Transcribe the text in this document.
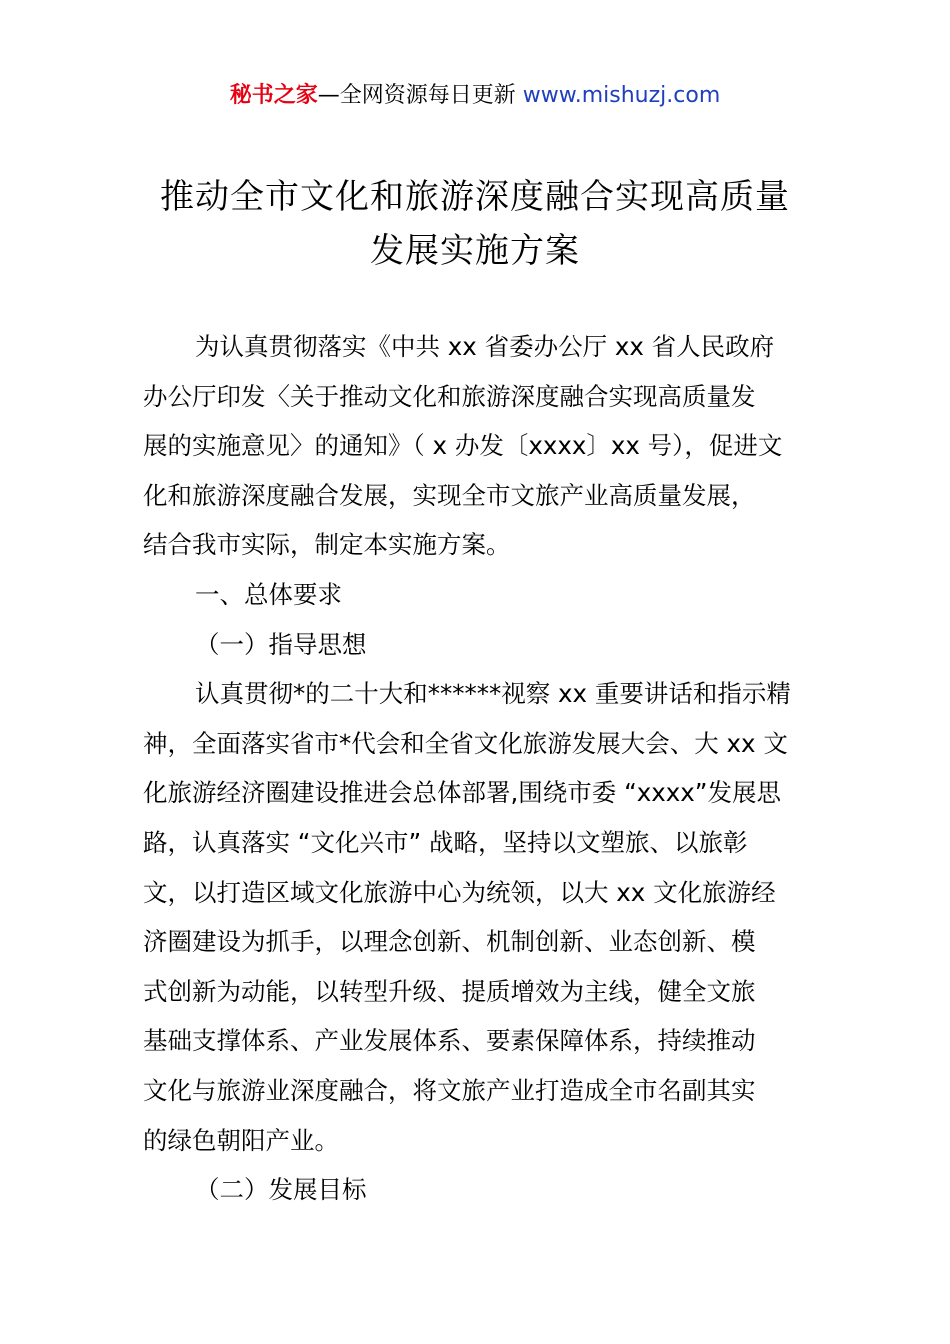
秘书之家—全网资源每日更新 www.mishuzj.com
推动全市文化和旅游深度融合实现高质量
发展实施方案
为认真贯彻落实《中共 xx 省委办公厅 xx 省人民政府
办公厅印发〈关于推动文化和旅游深度融合实现高质量发
展的实施意见〉的通知》（ x 办发〔xxxx〕xx 号），促进文
化和旅游深度融合发展，实现全市文旅产业高质量发展，
结合我市实际，制定本实施方案。
一、总体要求
（一）指导思想
认真贯彻*的二十大和******视察 xx 重要讲话和指示精
神，全面落实省市*代会和全省文化旅游发展大会、大 xx 文
化旅游经济圈建设推进会总体部署,围绕市委 “xxxx”发展思
路，认真落实 “文化兴市” 战略，坚持以文塑旅、以旅彰
文，以打造区域文化旅游中心为统领，以大 xx 文化旅游经
济圈建设为抓手，以理念创新、机制创新、业态创新、模
式创新为动能，以转型升级、提质增效为主线，健全文旅
基础支撑体系、产业发展体系、要素保障体系，持续推动
文化与旅游业深度融合，将文旅产业打造成全市名副其实
的绿色朝阳产业。
（二）发展目标
